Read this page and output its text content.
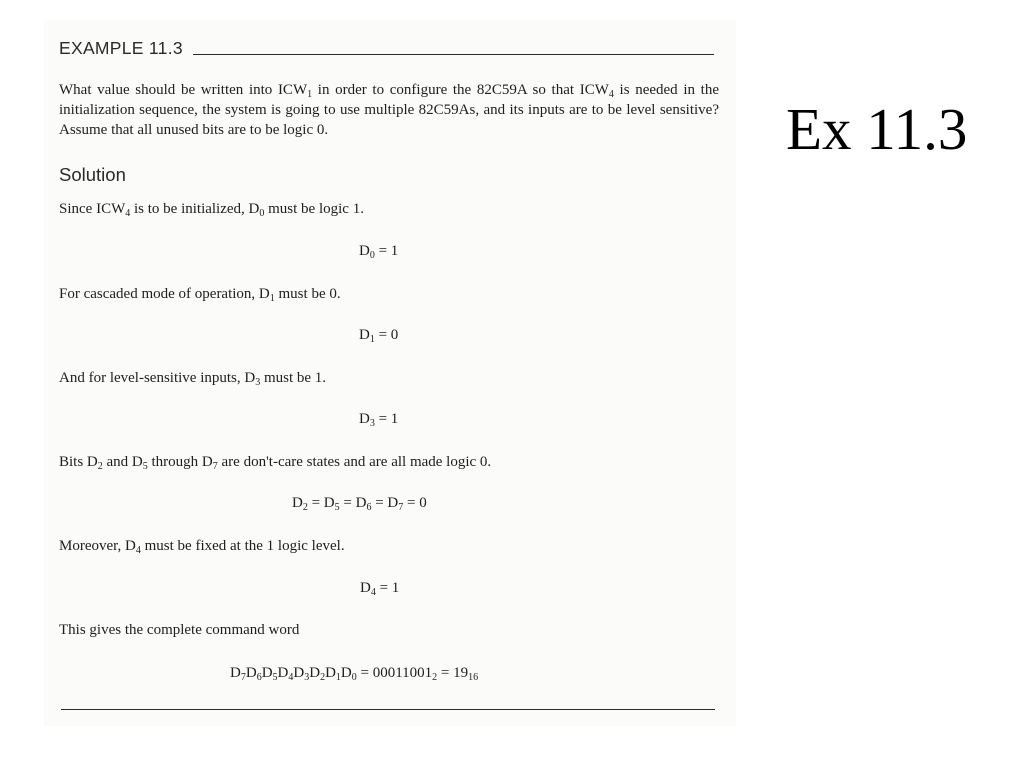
EXAMPLE 11.3

What value should be written into $ICW_1$ in order to configure the 82C59A so that $ICW_4$ is needed in the initialization sequence, the system is going to use multiple 82C59As, and its inputs are to be level sensitive? Assume that all unused bits are to be logic 0.

Solution
Since $ICW_4$ is to be initialized, $D_0$ must be logic 1.
$D_0 = 1$
For cascaded mode of operation, $D_1$ must be 0.
$D_1 = 0$
And for level-sensitive inputs, $D_3$ must be 1.
$D_3 = 1$
Bits $D_2$ and $D_5$ through $D_7$ are don't-care states and are all made logic 0.
$D_2 = D_5 = D_6 = D_7 = 0$
Moreover, $D_4$ must be fixed at the 1 logic level.
$D_4 = 1$
This gives the complete command word
$D_7D_6D_5D_4D_3D_2D_1D_0 = 00011001_2 = 19_{16}$
Ex 11.3
